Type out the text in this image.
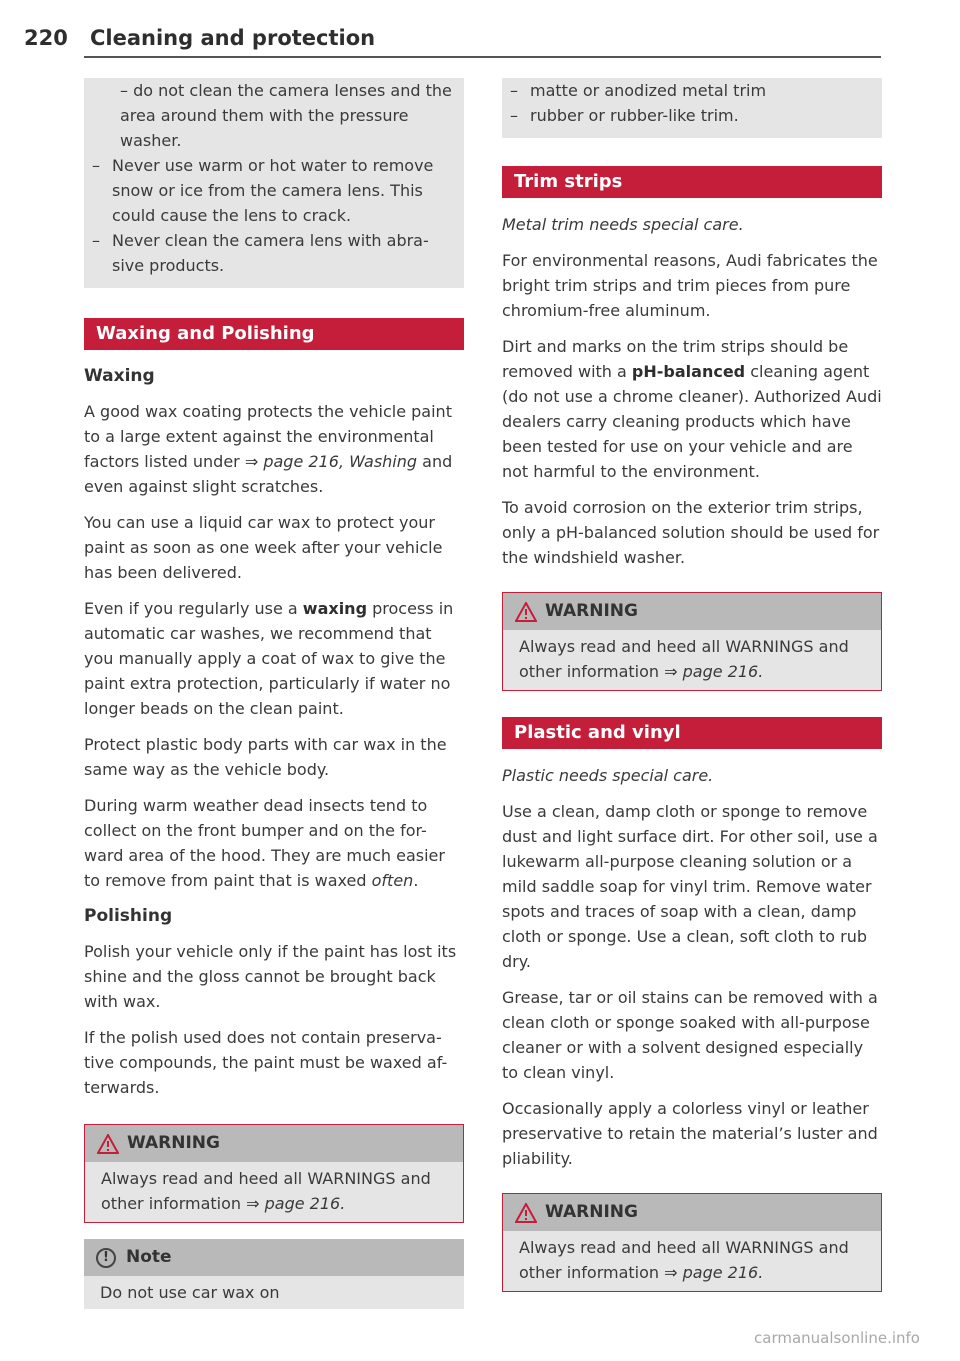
220 Cleaning and protection
– do not clean the camera lenses and the area around them with the pressure washer.
– Never use warm or hot water to remove snow or ice from the camera lens. This could cause the lens to crack.
– Never clean the camera lens with abra-sive products.
Waxing and Polishing
Waxing

A good wax coating protects the vehicle paint to a large extent against the environmental factors listed under ⇒ page 216, Washing and even against slight scratches.

You can use a liquid car wax to protect your paint as soon as one week after your vehicle has been delivered.

Even if you regularly use a waxing process in automatic car washes, we recommend that you manually apply a coat of wax to give the paint extra protection, particularly if water no longer beads on the clean paint.

Protect plastic body parts with car wax in the same way as the vehicle body.

During warm weather dead insects tend to collect on the front bumper and on the for-ward area of the hood. They are much easier to remove from paint that is waxed often.

Polishing

Polish your vehicle only if the paint has lost its shine and the gloss cannot be brought back with wax.

If the polish used does not contain preserva-tive compounds, the paint must be waxed af-terwards.

WARNING
Always read and heed all WARNINGS and other information ⇒ page 216.
!	Note
Do not use car wax on
– matte or anodized metal trim
– rubber or rubber-like trim.
Trim strips

Metal trim needs special care.

For environmental reasons, Audi fabricates the bright trim strips and trim pieces from pure chromium-free aluminum.

Dirt and marks on the trim strips should be removed with a pH-balanced cleaning agent (do not use a chrome cleaner). Authorized Audi dealers carry cleaning products which have been tested for use on your vehicle and are not harmful to the environment.

To avoid corrosion on the exterior trim strips, only a pH-balanced solution should be used for the windshield washer.

WARNING
Always read and heed all WARNINGS and other information ⇒ page 216.
Plastic and vinyl

Plastic needs special care.

Use a clean, damp cloth or sponge to remove dust and light surface dirt. For other soil, use a lukewarm all-purpose cleaning solution or a mild saddle soap for vinyl trim. Remove water spots and traces of soap with a clean, damp cloth or sponge. Use a clean, soft cloth to rub dry.

Grease, tar or oil stains can be removed with a clean cloth or sponge soaked with all-purpose cleaner or with a solvent designed especially to clean vinyl.

Occasionally apply a colorless vinyl or leather preservative to retain the material’s luster and pliability.

WARNING
Always read and heed all WARNINGS and other information ⇒ page 216.
carmanualsonline.info
